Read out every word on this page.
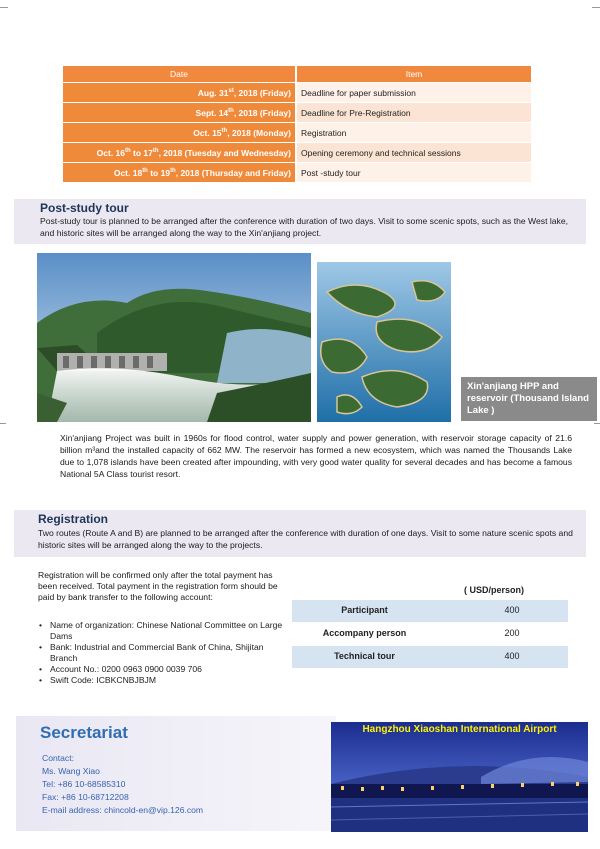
Date	Item
Aug. 31st, 2018 (Friday)	Deadline for paper submission
Sept. 14th, 2018 (Friday)	Deadline for Pre-Registration
Oct. 15th, 2018 (Monday)	Registration
Oct. 16th to 17th, 2018 (Tuesday and Wednesday)	Opening ceremony and technical sessions
Oct. 18th to 19th, 2018 (Thursday and Friday)	Post -study tour
Post-study tour
Post-study tour is planned to be arranged after the conference with duration of two days. Visit to some scenic spots, such as the West lake, and historic sites will be arranged along the way to the Xin'anjiang project.
Xin'anjiang HPP and reservoir (Thousand Island Lake )
Xin'anjiang Project was built in 1960s for flood control, water supply and power generation, with reservoir storage capacity of 21.6 billion m³and the installed capacity of 662 MW. The reservoir has formed a new ecosystem, which was named the Thousands Lake due to 1,078 islands have been created after impounding, with very good water quality for several decades and has become a famous National 5A Class tourist resort.
Registration
Two routes (Route A and B) are planned to be arranged after the conference with duration of one days. Visit to some nature scenic spots and historic sites will be arranged along the way to the projects.
Registration will be confirmed only after the total payment has been received. Total payment in the registration form should be paid by bank transfer to the following account:
• Name of organization: Chinese National Committee on Large Dams
• Bank: Industrial and Commercial Bank of China, Shijitan Branch
• Account No.: 0200 0963 0900 0039 706
• Swift Code: ICBKCNBJBJM
( USD/person)
Participant	400
Accompany person	200
Technical tour	400
Secretariat
Contact:
Ms. Wang Xiao
Tel: +86 10-68585310
Fax: +86 10-68712208
E-mail address: chincold-en@vip.126.com
Hangzhou Xiaoshan International Airport
